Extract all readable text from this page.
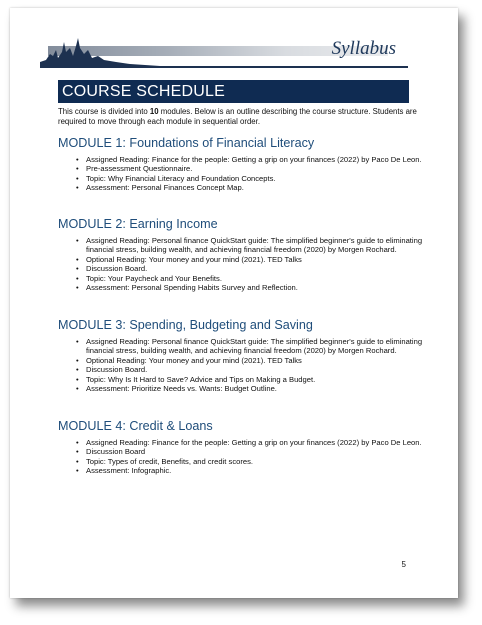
Syllabus
COURSE SCHEDULE
This course is divided into 10 modules. Below is an outline describing the course structure. Students are required to move through each module in sequential order.
MODULE 1: Foundations of Financial Literacy
• Assigned Reading: Finance for the people: Getting a grip on your finances (2022) by Paco De Leon.
• Pre-assessment Questionnaire.
• Topic: Why Financial Literacy and Foundation Concepts.
• Assessment: Personal Finances Concept Map.
MODULE 2: Earning Income
• Assigned Reading: Personal finance QuickStart guide: The simplified beginner's guide to eliminating financial stress, building wealth, and achieving financial freedom (2020) by Morgen Rochard.
• Optional Reading: Your money and your mind (2021). TED Talks
• Discussion Board.
• Topic: Your Paycheck and Your Benefits.
• Assessment: Personal Spending Habits Survey and Reflection.
MODULE 3: Spending, Budgeting and Saving
• Assigned Reading: Personal finance QuickStart guide: The simplified beginner's guide to eliminating financial stress, building wealth, and achieving financial freedom (2020) by Morgen Rochard.
• Optional Reading: Your money and your mind (2021). TED Talks
• Discussion Board.
• Topic: Why Is It Hard to Save? Advice and Tips on Making a Budget.
• Assessment: Prioritize Needs vs. Wants: Budget Outline.
MODULE 4: Credit & Loans
• Assigned Reading: Finance for the people: Getting a grip on your finances (2022) by Paco De Leon.
• Discussion Board
• Topic: Types of credit, Benefits, and credit scores.
• Assessment: Infographic.
5
